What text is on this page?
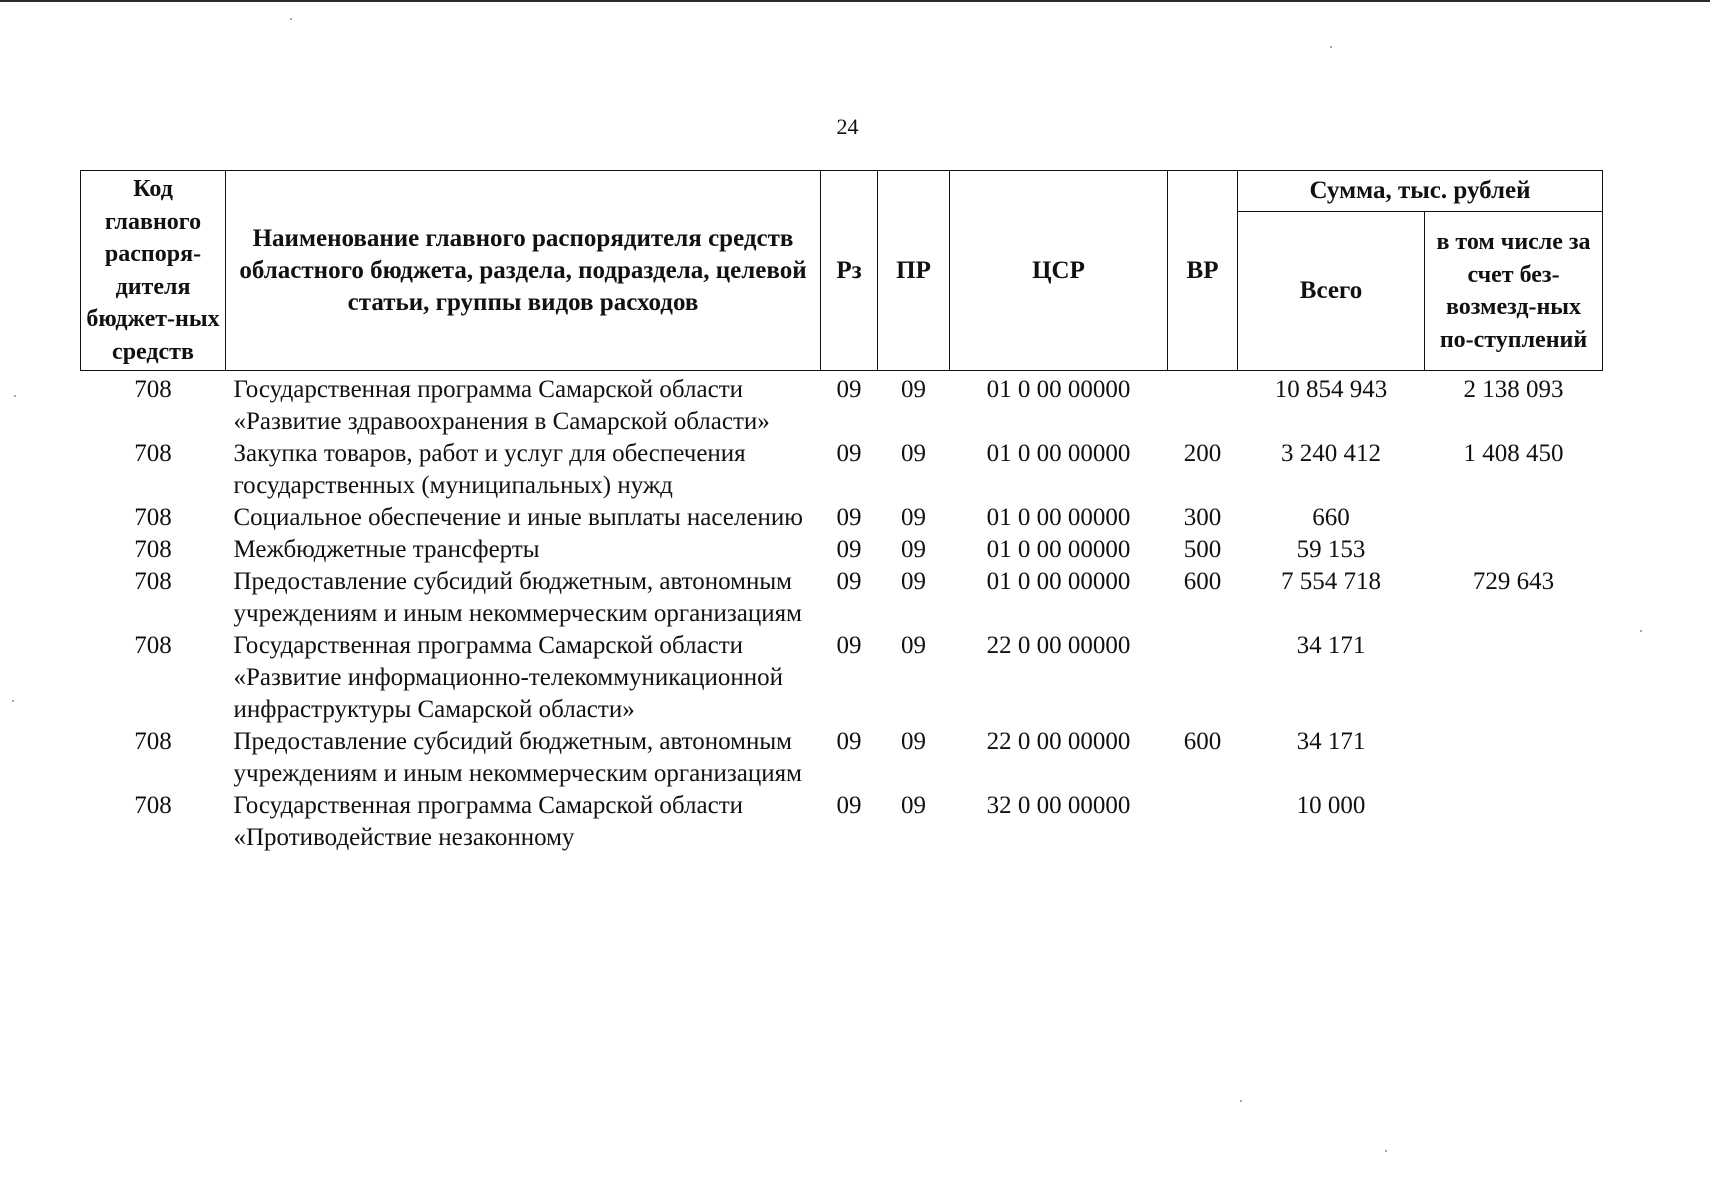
24
Код главного распоря-дителя бюджет-ных средств	Наименование главного распорядителя средств областного бюджета, раздела, подраздела, целевой статьи, группы видов расходов	Рз	ПР	ЦСР	ВР	Сумма, тыс. рублей	
						Всего	в том числе за счет без-возмезд-ных по-ступлений
708	Государственная программа Самарской области «Развитие здравоохранения в Самарской области»	09	09	01 0 00 00000		10 854 943	2 138 093
708	Закупка товаров, работ и услуг для обеспечения государственных (муниципальных) нужд	09	09	01 0 00 00000	200	3 240 412	1 408 450
708	Социальное обеспечение и иные выплаты населению	09	09	01 0 00 00000	300	660	
708	Межбюджетные трансферты	09	09	01 0 00 00000	500	59 153	
708	Предоставление субсидий бюджетным, автономным учреждениям и иным некоммерческим организациям	09	09	01 0 00 00000	600	7 554 718	729 643
708	Государственная программа Самарской области «Развитие информационно-телекоммуникационной инфраструктуры Самарской области»	09	09	22 0 00 00000		34 171	
708	Предоставление субсидий бюджетным, автономным учреждениям и иным некоммерческим организациям	09	09	22 0 00 00000	600	34 171	
708	Государственная программа Самарской области «Противодействие незаконному	09	09	32 0 00 00000		10 000	
